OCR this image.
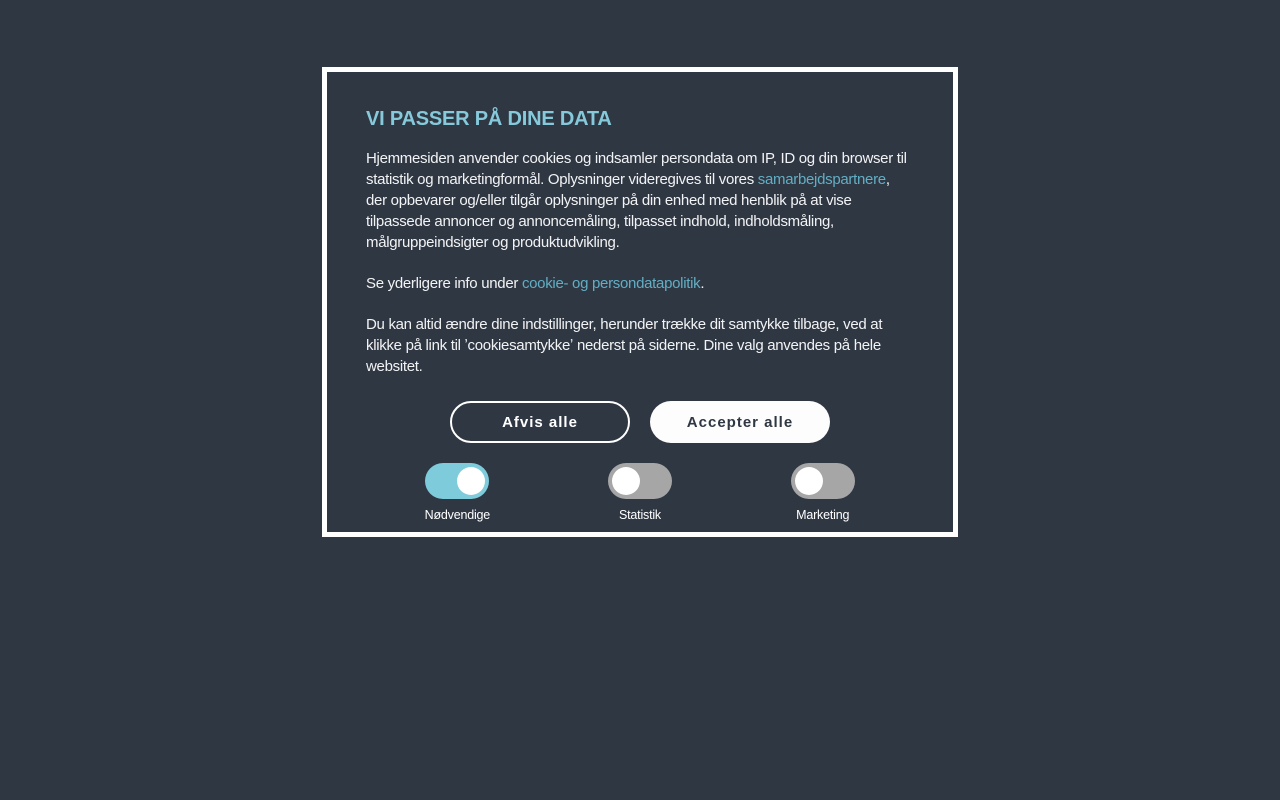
VI PASSER PÅ DINE DATA

Hjemmesiden anvender cookies og indsamler persondata om IP, ID og din browser til statistik og marketingformål. Oplysninger videregives til vores samarbejdspartnere, der opbevarer og/eller tilgår oplysninger på din enhed med henblik på at vise tilpassede annoncer og annoncemåling, tilpasset indhold, indholdsmåling, målgruppeindsigter og produktudvikling.

Se yderligere info under cookie- og persondatapolitik.

Du kan altid ændre dine indstillinger, herunder trække dit samtykke tilbage, ved at klikke på link til ʼcookiesamtykkeʼ nederst på siderne. Dine valg anvendes på hele websitet.

Afvis alle	Accepter alle
Nødvendige	Statistik	Marketing
